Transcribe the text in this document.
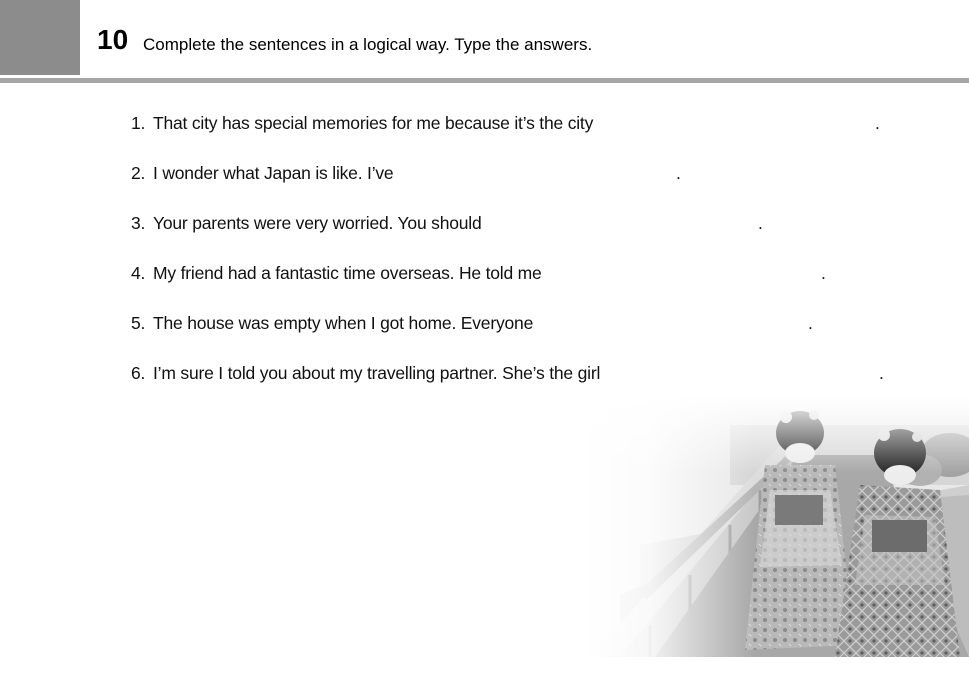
10 Complete the sentences in a logical way. Type the answers.
1. That city has special memories for me because it’s the city	.
2. I wonder what Japan is like. I’ve	.
3. Your parents were very worried. You should	.
4. My friend had a fantastic time overseas. He told me	.
5. The house was empty when I got home. Everyone	.
6. I’m sure I told you about my travelling partner. She’s the girl	.
